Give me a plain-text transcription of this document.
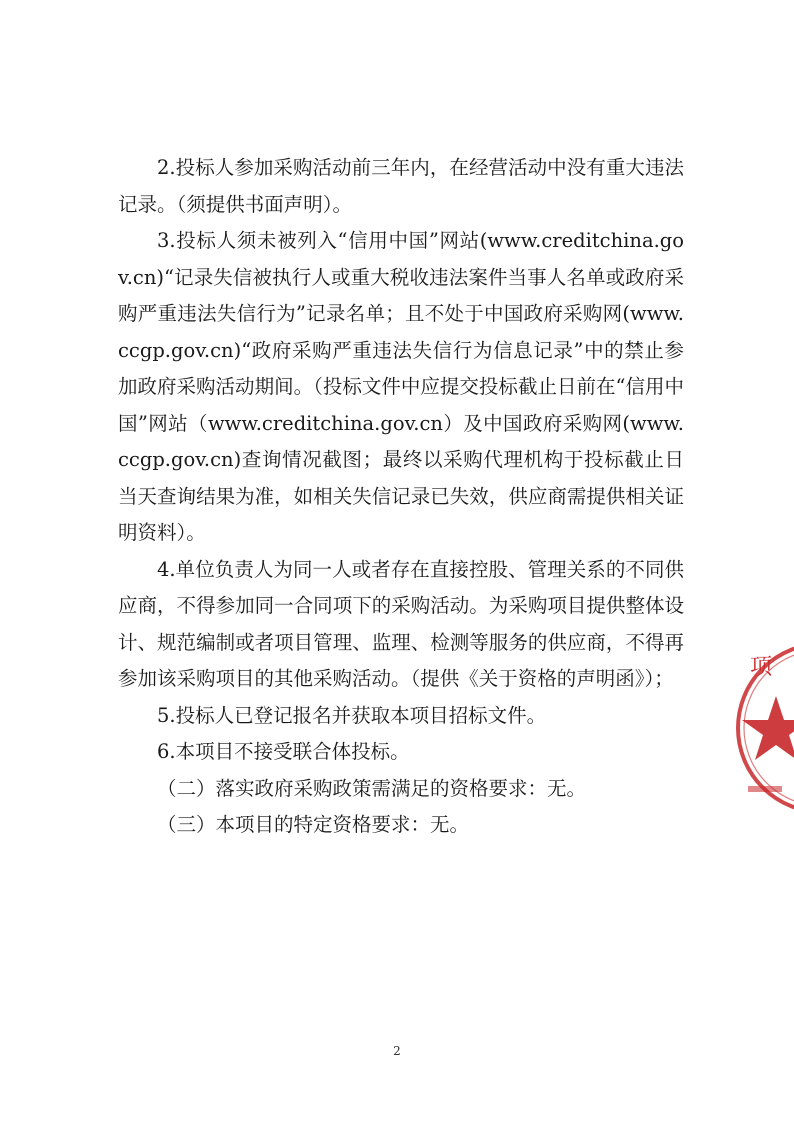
2.投标人参加采购活动前三年内，在经营活动中没有重大违法记录。（须提供书面声明）。

3.投标人须未被列入“信用中国”网站(www.creditchina.gov.cn)“记录失信被执行人或重大税收违法案件当事人名单或政府采购严重违法失信行为”记录名单；且不处于中国政府采购网(www.ccgp.gov.cn)“政府采购严重违法失信行为信息记录”中的禁止参加政府采购活动期间。（投标文件中应提交投标截止日前在“信用中国”网站（www.creditchina.gov.cn）及中国政府采购网(www.ccgp.gov.cn)查询情况截图；最终以采购代理机构于投标截止日当天查询结果为准，如相关失信记录已失效，供应商需提供相关证明资料）。

4.单位负责人为同一人或者存在直接控股、管理关系的不同供应商，不得参加同一合同项下的采购活动。为采购项目提供整体设计、规范编制或者项目管理、监理、检测等服务的供应商，不得再参加该采购项目的其他采购活动。（提供《关于资格的声明函》）；

5.投标人已登记报名并获取本项目招标文件。

6.本项目不接受联合体投标。

（二）落实政府采购政策需满足的资格要求：无。

（三）本项目的特定资格要求：无。

项
2
